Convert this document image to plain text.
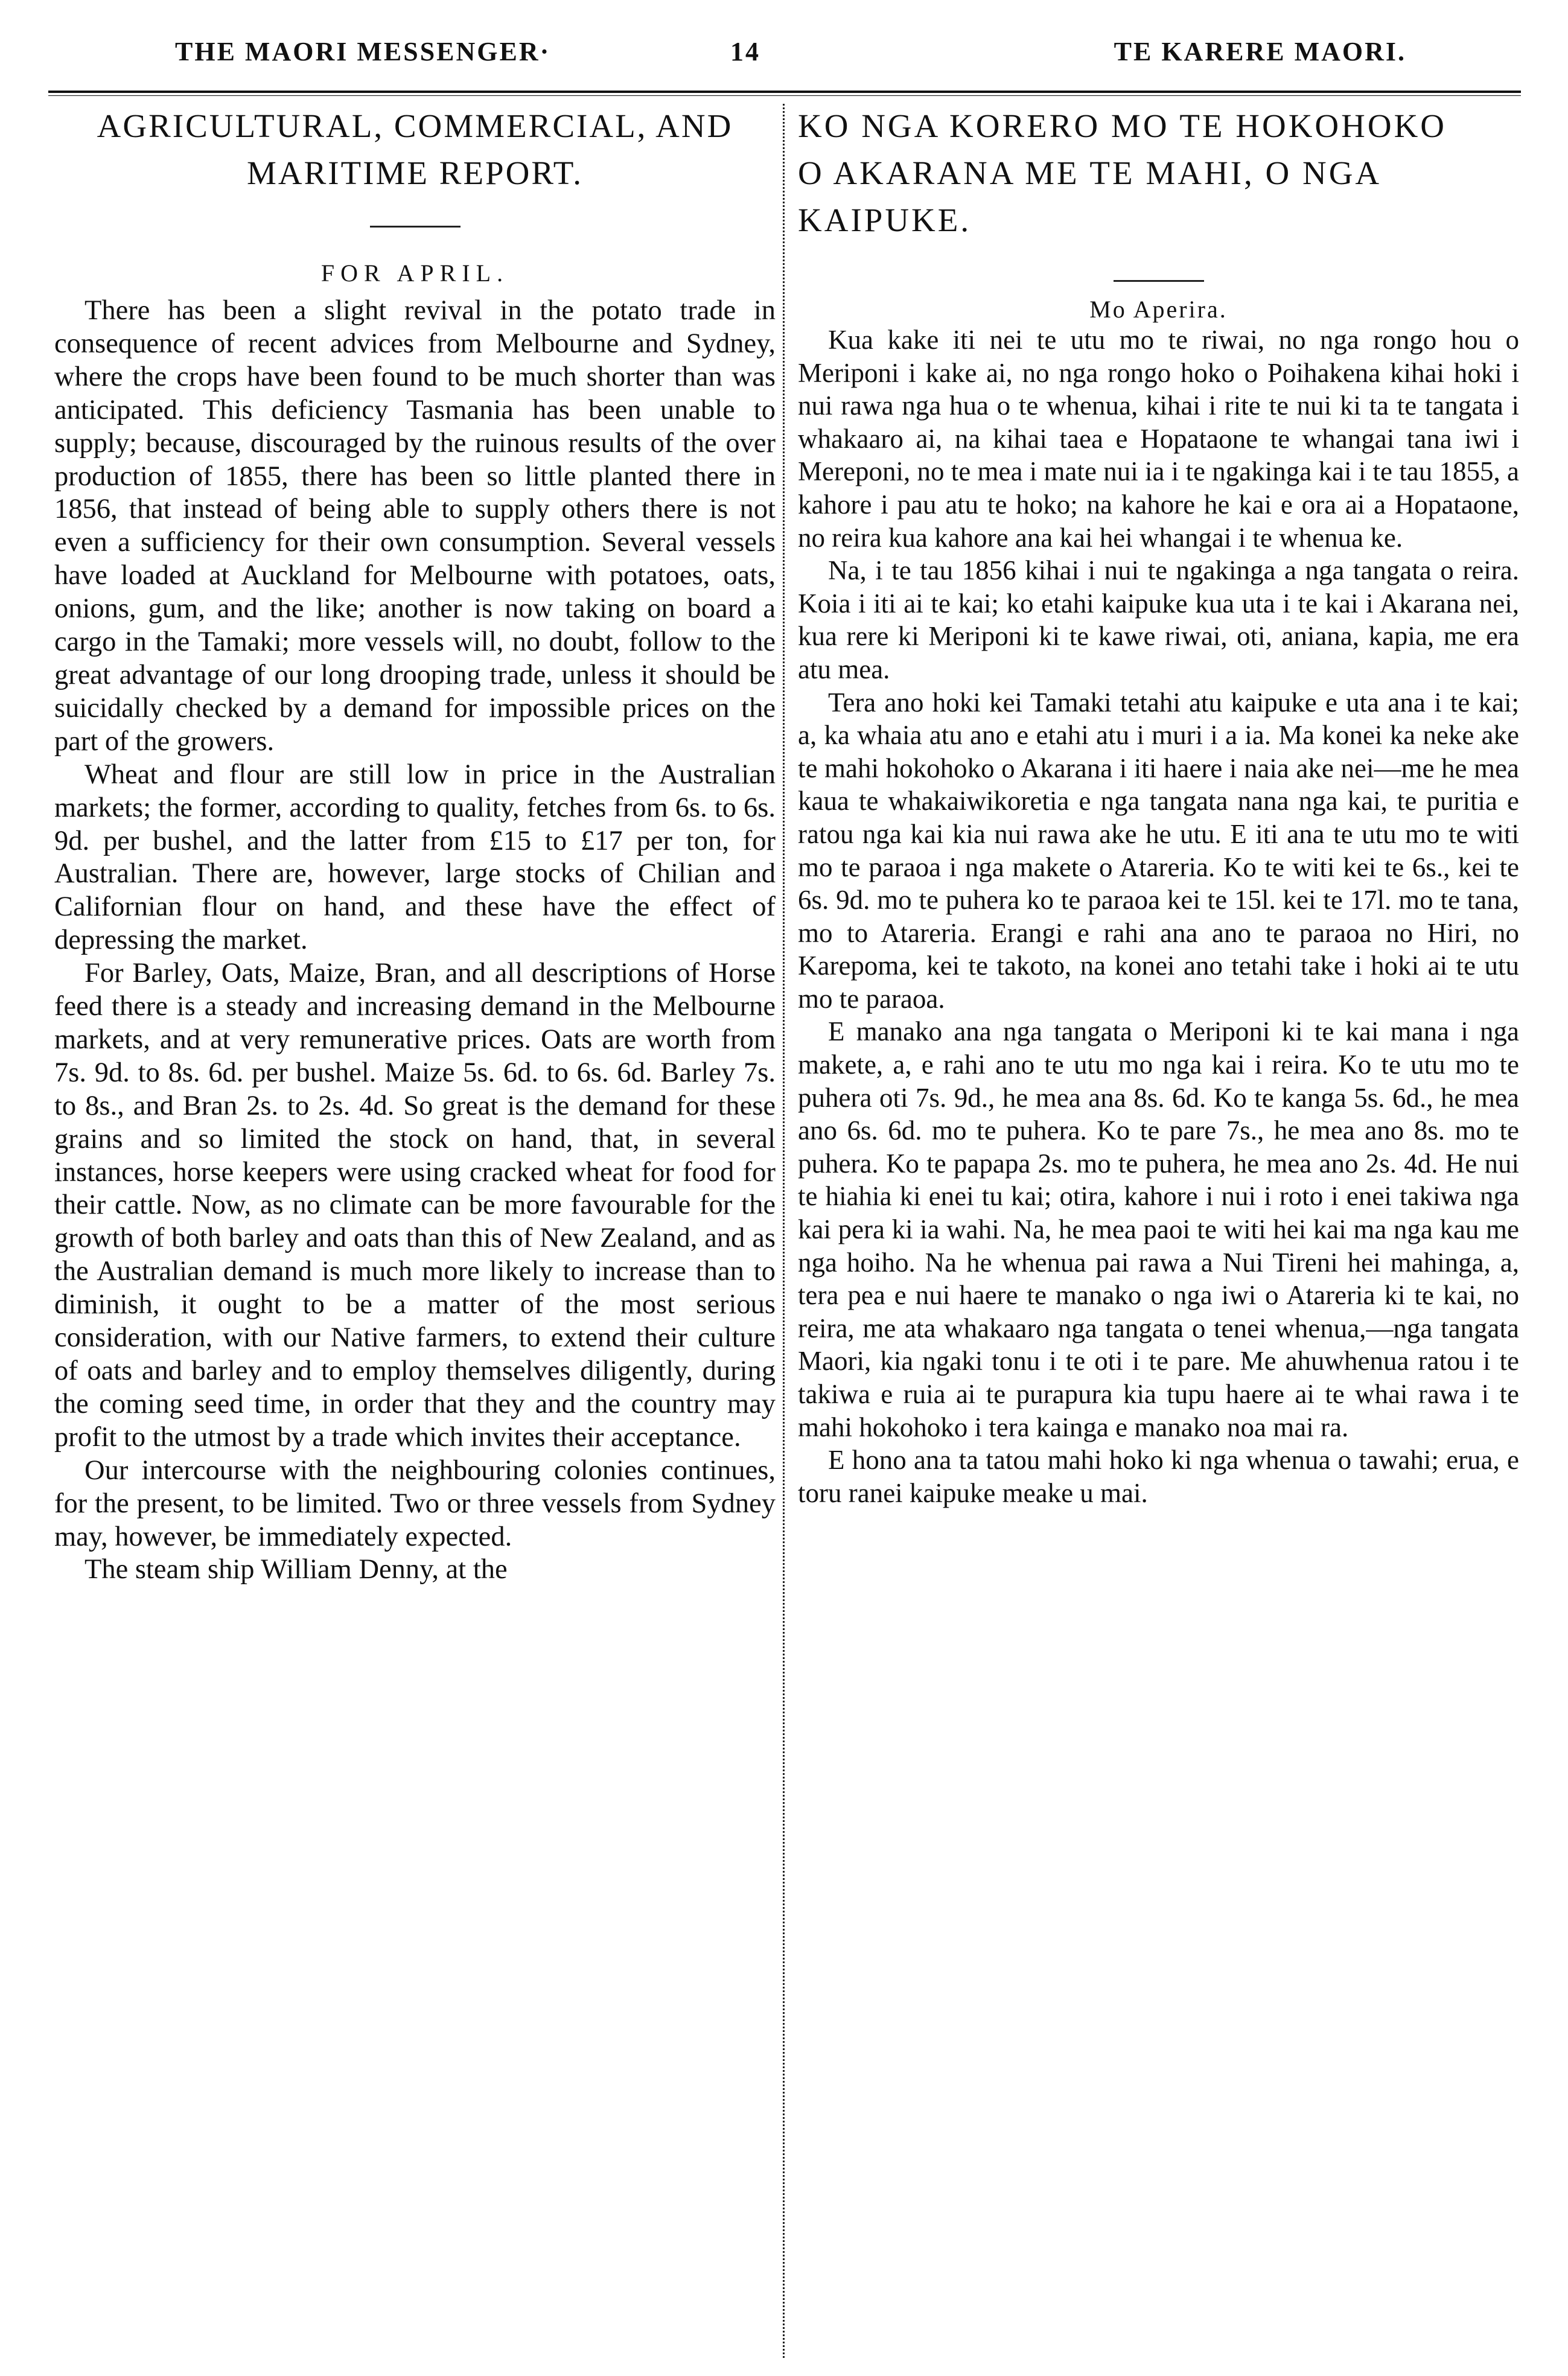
THE MAORI MESSENGER·	14	TE KARERE MAORI.
AGRICULTURAL, COMMERCIAL, AND
MARITIME REPORT.
FOR APRIL.

There has been a slight revival in the potato trade in consequence of recent advices from Melbourne and Sydney, where the crops have been found to be much shorter than was anticipated. This deficiency Tasmania has been unable to supply; because, discouraged by the ruinous results of the over production of 1855, there has been so little planted there in 1856, that instead of being able to supply others there is not even a sufficiency for their own consumption. Several vessels have loaded at Auckland for Melbourne with potatoes, oats, onions, gum, and the like; another is now taking on board a cargo in the Tamaki; more vessels will, no doubt, follow to the great advantage of our long drooping trade, unless it should be suicidally checked by a demand for impossible prices on the part of the growers.

Wheat and flour are still low in price in the Australian markets; the former, according to quality, fetches from 6s. to 6s. 9d. per bushel, and the latter from £15 to £17 per ton, for Australian. There are, however, large stocks of Chilian and Californian flour on hand, and these have the effect of depressing the market.

For Barley, Oats, Maize, Bran, and all descriptions of Horse feed there is a steady and increasing demand in the Melbourne markets, and at very remunerative prices. Oats are worth from 7s. 9d. to 8s. 6d. per bushel. Maize 5s. 6d. to 6s. 6d. Barley 7s. to 8s., and Bran 2s. to 2s. 4d. So great is the demand for these grains and so limited the stock on hand, that, in several instances, horse keepers were using cracked wheat for food for their cattle. Now, as no climate can be more favourable for the growth of both barley and oats than this of New Zealand, and as the Australian demand is much more likely to increase than to diminish, it ought to be a matter of the most serious consideration, with our Native farmers, to extend their culture of oats and barley and to employ themselves diligently, during the coming seed time, in order that they and the country may profit to the utmost by a trade which invites their acceptance.

Our intercourse with the neighbouring colonies continues, for the present, to be limited. Two or three vessels from Sydney may, however, be immediately expected.

The steam ship William Denny, at the

KO NGA KORERO MO TE HOKOHOKO
O AKARANA ME TE MAHI, O NGA
KAIPUKE.
Mo Aperira.

Kua kake iti nei te utu mo te riwai, no nga rongo hou o Meriponi i kake ai, no nga rongo hoko o Poihakena kihai hoki i nui rawa nga hua o te whenua, kihai i rite te nui ki ta te tangata i whakaaro ai, na kihai taea e Hopataone te whangai tana iwi i Mereponi, no te mea i mate nui ia i te ngakinga kai i te tau 1855, a kahore i pau atu te hoko; na kahore he kai e ora ai a Hopataone, no reira kua kahore ana kai hei whangai i te whenua ke.

Na, i te tau 1856 kihai i nui te ngakinga a nga tangata o reira. Koia i iti ai te kai; ko etahi kaipuke kua uta i te kai i Akarana nei, kua rere ki Meriponi ki te kawe riwai, oti, aniana, kapia, me era atu mea.

Tera ano hoki kei Tamaki tetahi atu kaipuke e uta ana i te kai; a, ka whaia atu ano e etahi atu i muri i a ia. Ma konei ka neke ake te mahi hokohoko o Akarana i iti haere i naia ake nei—me he mea kaua te whakaiwikoretia e nga tangata nana nga kai, te puritia e ratou nga kai kia nui rawa ake he utu. E iti ana te utu mo te witi mo te paraoa i nga makete o Atareria. Ko te witi kei te 6s., kei te 6s. 9d. mo te puhera ko te paraoa kei te 15l. kei te 17l. mo te tana, mo to Atareria. Erangi e rahi ana ano te paraoa no Hiri, no Karepoma, kei te takoto, na konei ano tetahi take i hoki ai te utu mo te paraoa.

E manako ana nga tangata o Meriponi ki te kai mana i nga makete, a, e rahi ano te utu mo nga kai i reira. Ko te utu mo te puhera oti 7s. 9d., he mea ana 8s. 6d. Ko te kanga 5s. 6d., he mea ano 6s. 6d. mo te puhera. Ko te pare 7s., he mea ano 8s. mo te puhera. Ko te papapa 2s. mo te puhera, he mea ano 2s. 4d. He nui te hiahia ki enei tu kai; otira, kahore i nui i roto i enei takiwa nga kai pera ki ia wahi. Na, he mea paoi te witi hei kai ma nga kau me nga hoiho. Na he whenua pai rawa a Nui Tireni hei mahinga, a, tera pea e nui haere te manako o nga iwi o Atareria ki te kai, no reira, me ata whakaaro nga tangata o tenei whenua,—nga tangata Maori, kia ngaki tonu i te oti i te pare. Me ahuwhenua ratou i te takiwa e ruia ai te purapura kia tupu haere ai te whai rawa i te mahi hokohoko i tera kainga e manako noa mai ra.

E hono ana ta tatou mahi hoko ki nga whenua o tawahi; erua, e toru ranei kaipuke meake u mai.
